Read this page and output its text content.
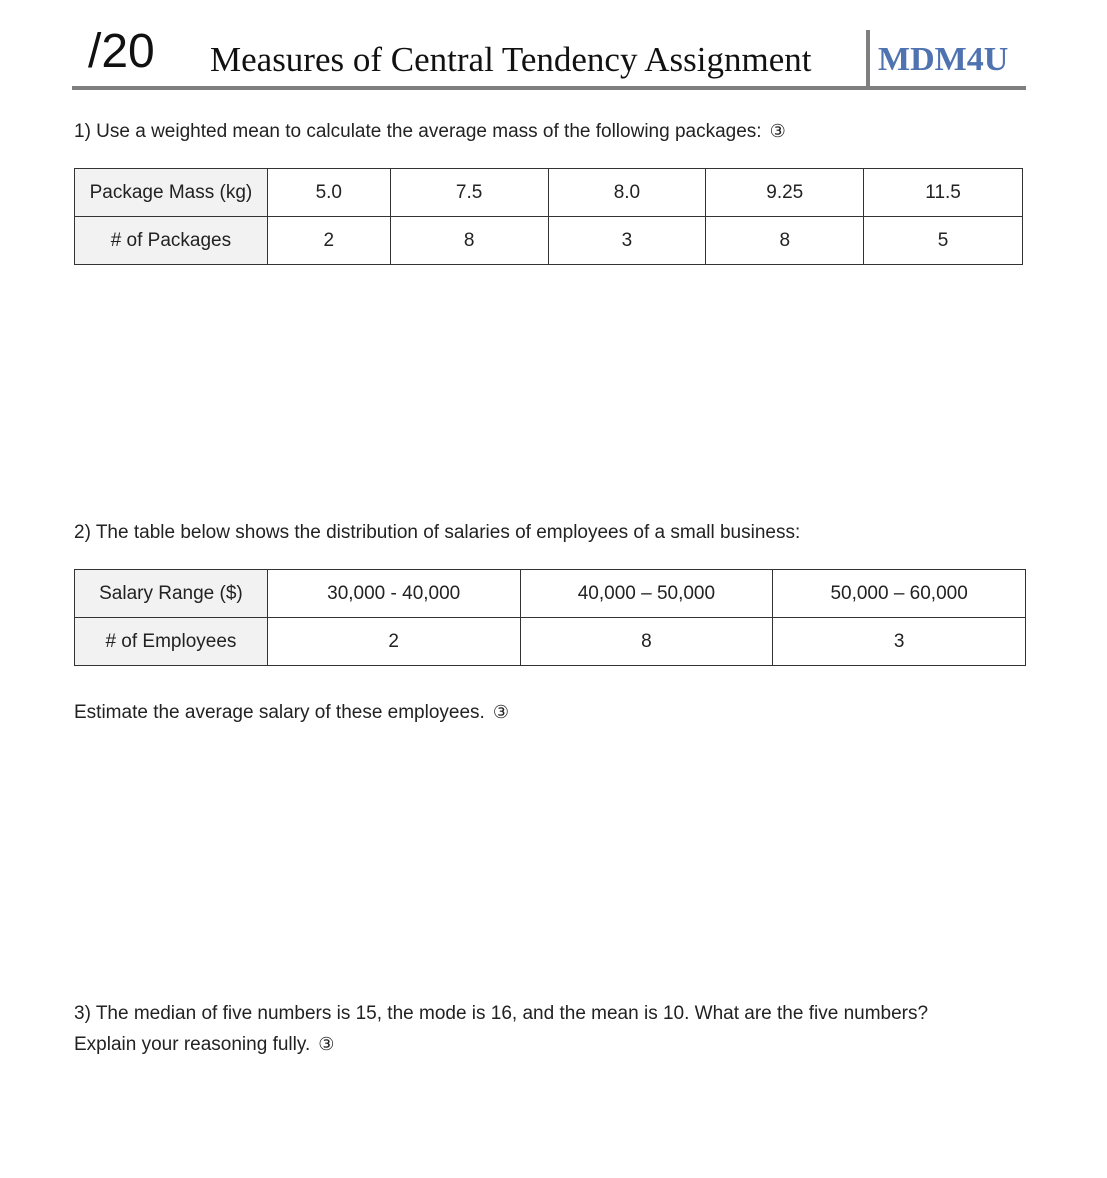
/20 Measures of Central Tendency Assignment MDM4U
1) Use a weighted mean to calculate the average mass of the following packages: ③
Package Mass (kg)	5.0	7.5	8.0	9.25	11.5
# of Packages	2	8	3	8	5
2) The table below shows the distribution of salaries of employees of a small business:
Salary Range ($)	30,000 - 40,000	40,000 – 50,000	50,000 – 60,000
# of Employees	2	8	3
Estimate the average salary of these employees. ③
3) The median of five numbers is 15, the mode is 16, and the mean is 10. What are the five numbers?
Explain your reasoning fully. ③
